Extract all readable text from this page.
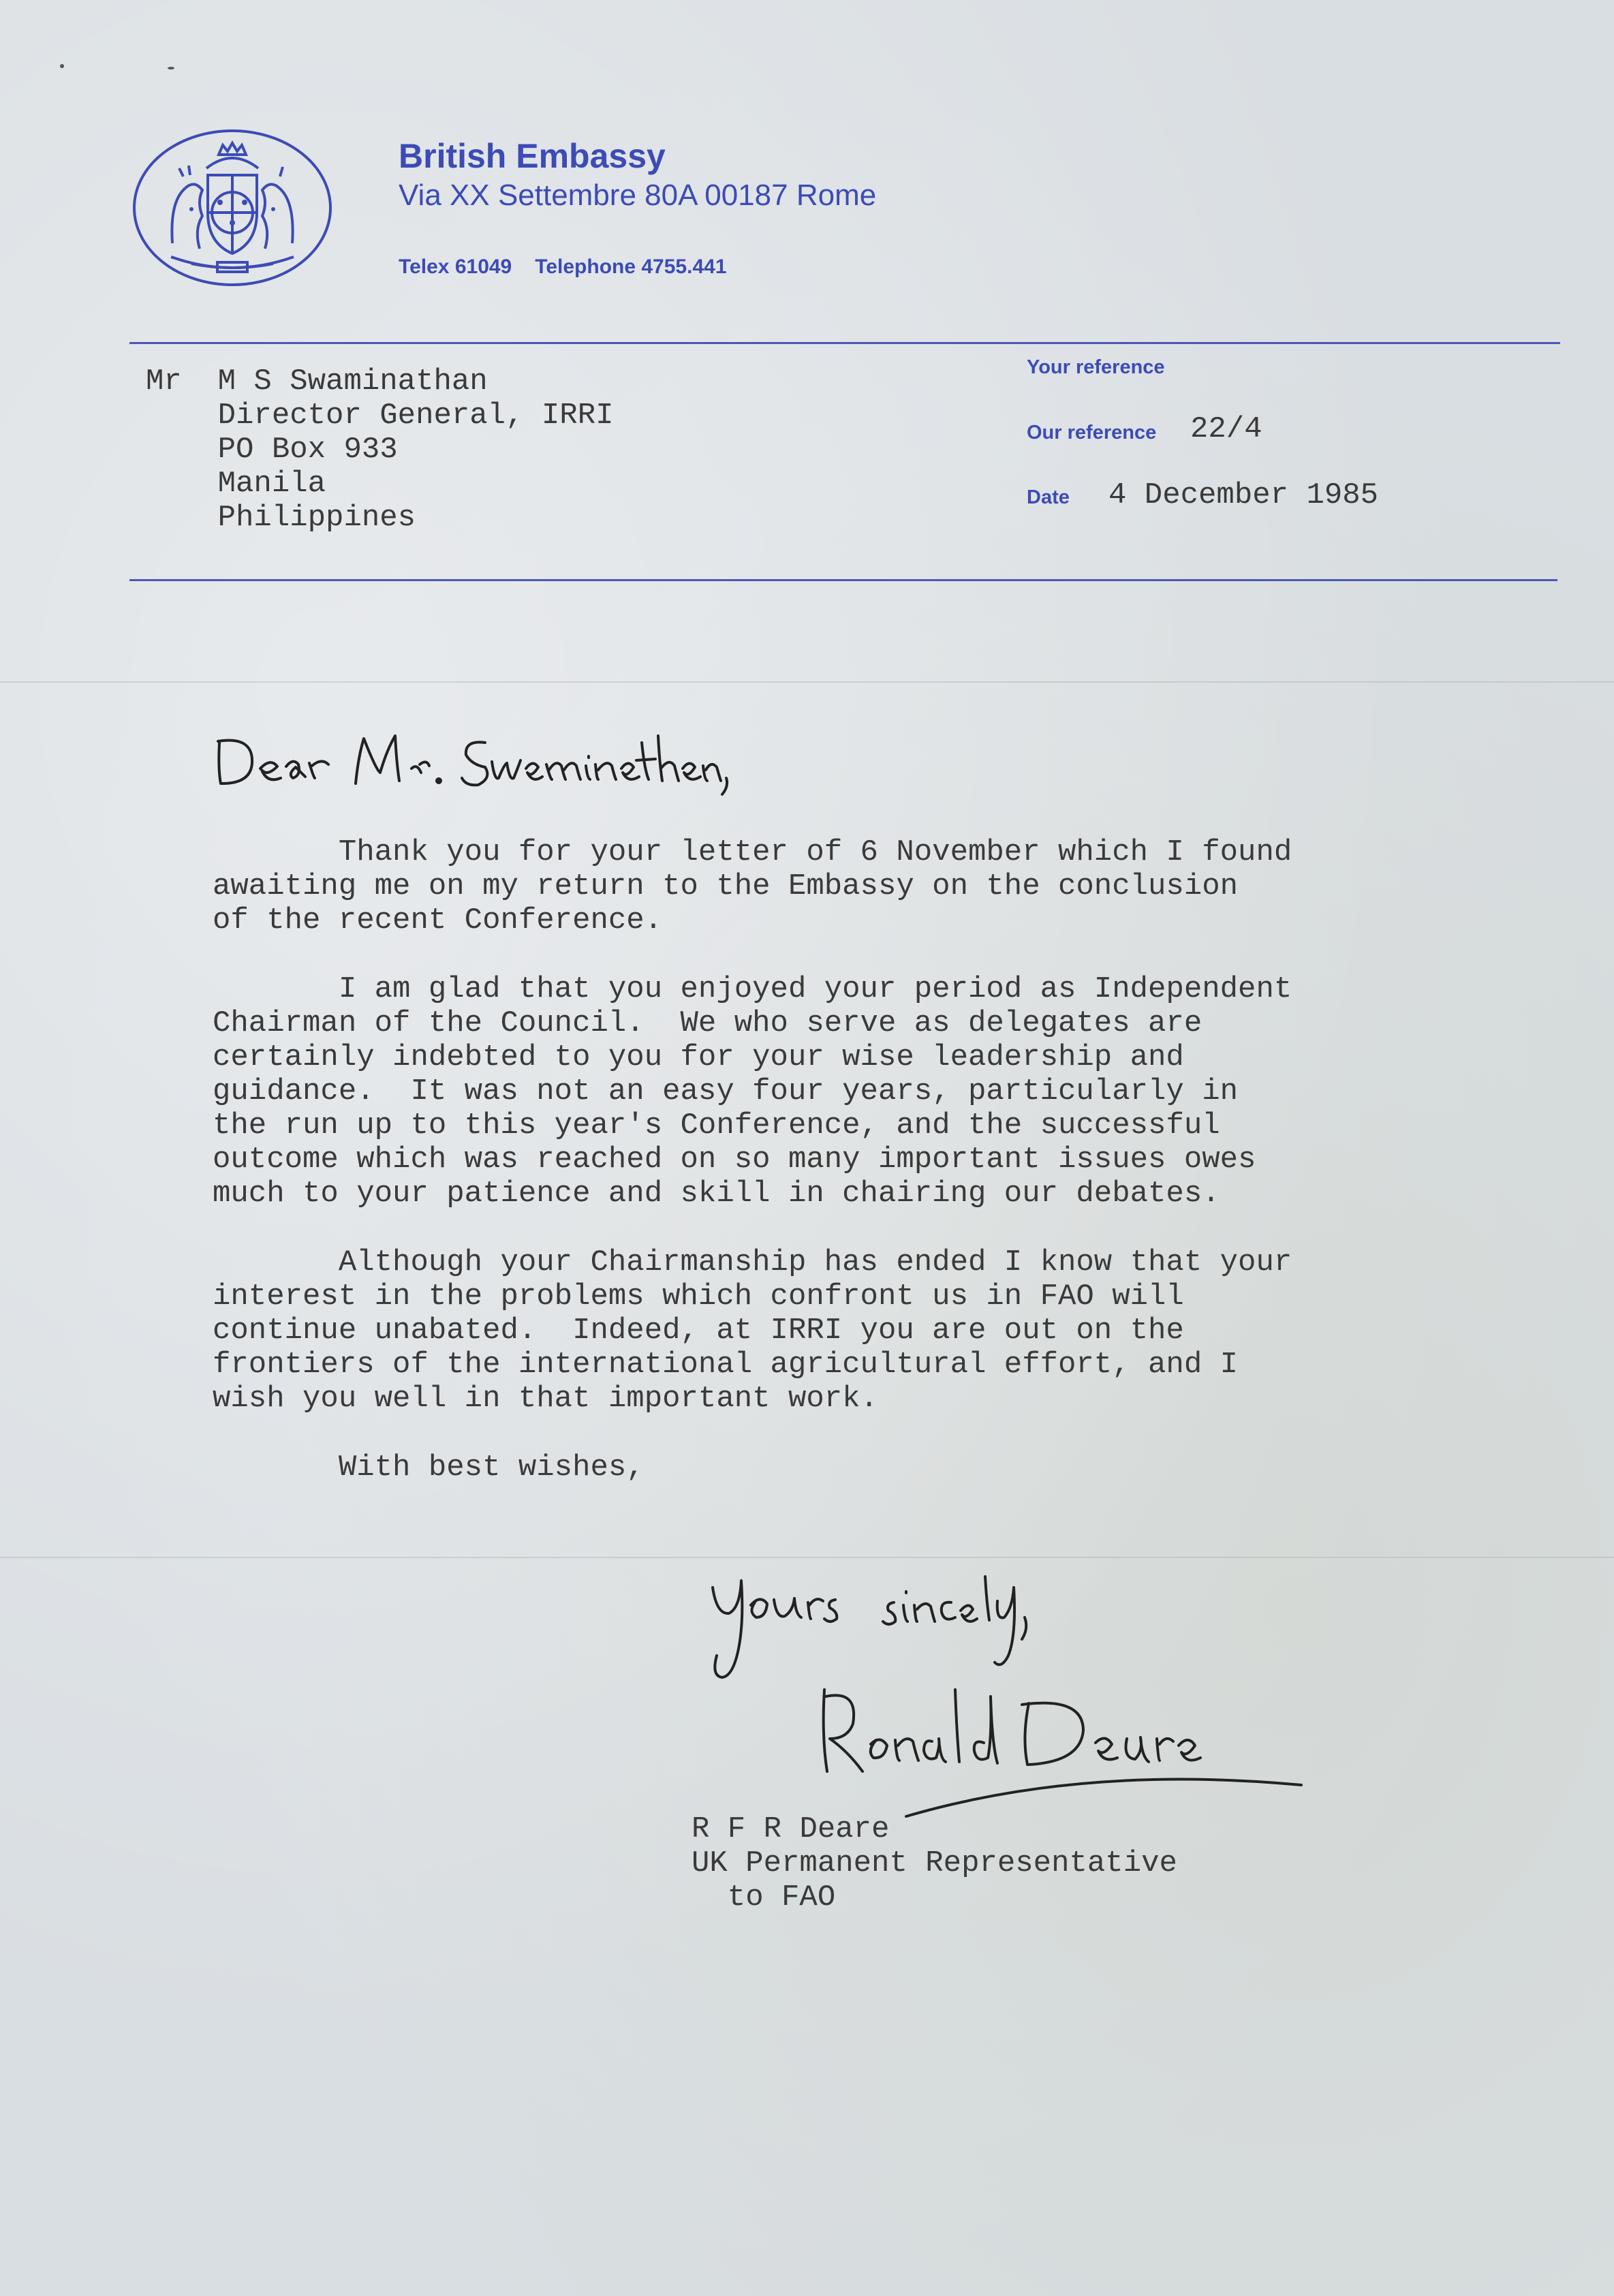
British Embassy
Via XX Settembre 80A 00187 Rome
Telex 61049 Telephone 4755.441
Mr  M S Swaminathan
Director General, IRRI
PO Box 933
Manila
Philippines
Your reference
Our reference 22/4
Date 4 December 1985
Thank you for your letter of 6 November which I found
awaiting me on my return to the Embassy on the conclusion
of the recent Conference.
I am glad that you enjoyed your period as Independent
Chairman of the Council.  We who serve as delegates are
certainly indebted to you for your wise leadership and
guidance.  It was not an easy four years, particularly in
the run up to this year's Conference, and the successful
outcome which was reached on so many important issues owes
much to your patience and skill in chairing our debates.
Although your Chairmanship has ended I know that your
interest in the problems which confront us in FAO will
continue unabated.  Indeed, at IRRI you are out on the
frontiers of the international agricultural effort, and I
wish you well in that important work.
With best wishes,
R F R Deare
UK Permanent Representative
to FAO
